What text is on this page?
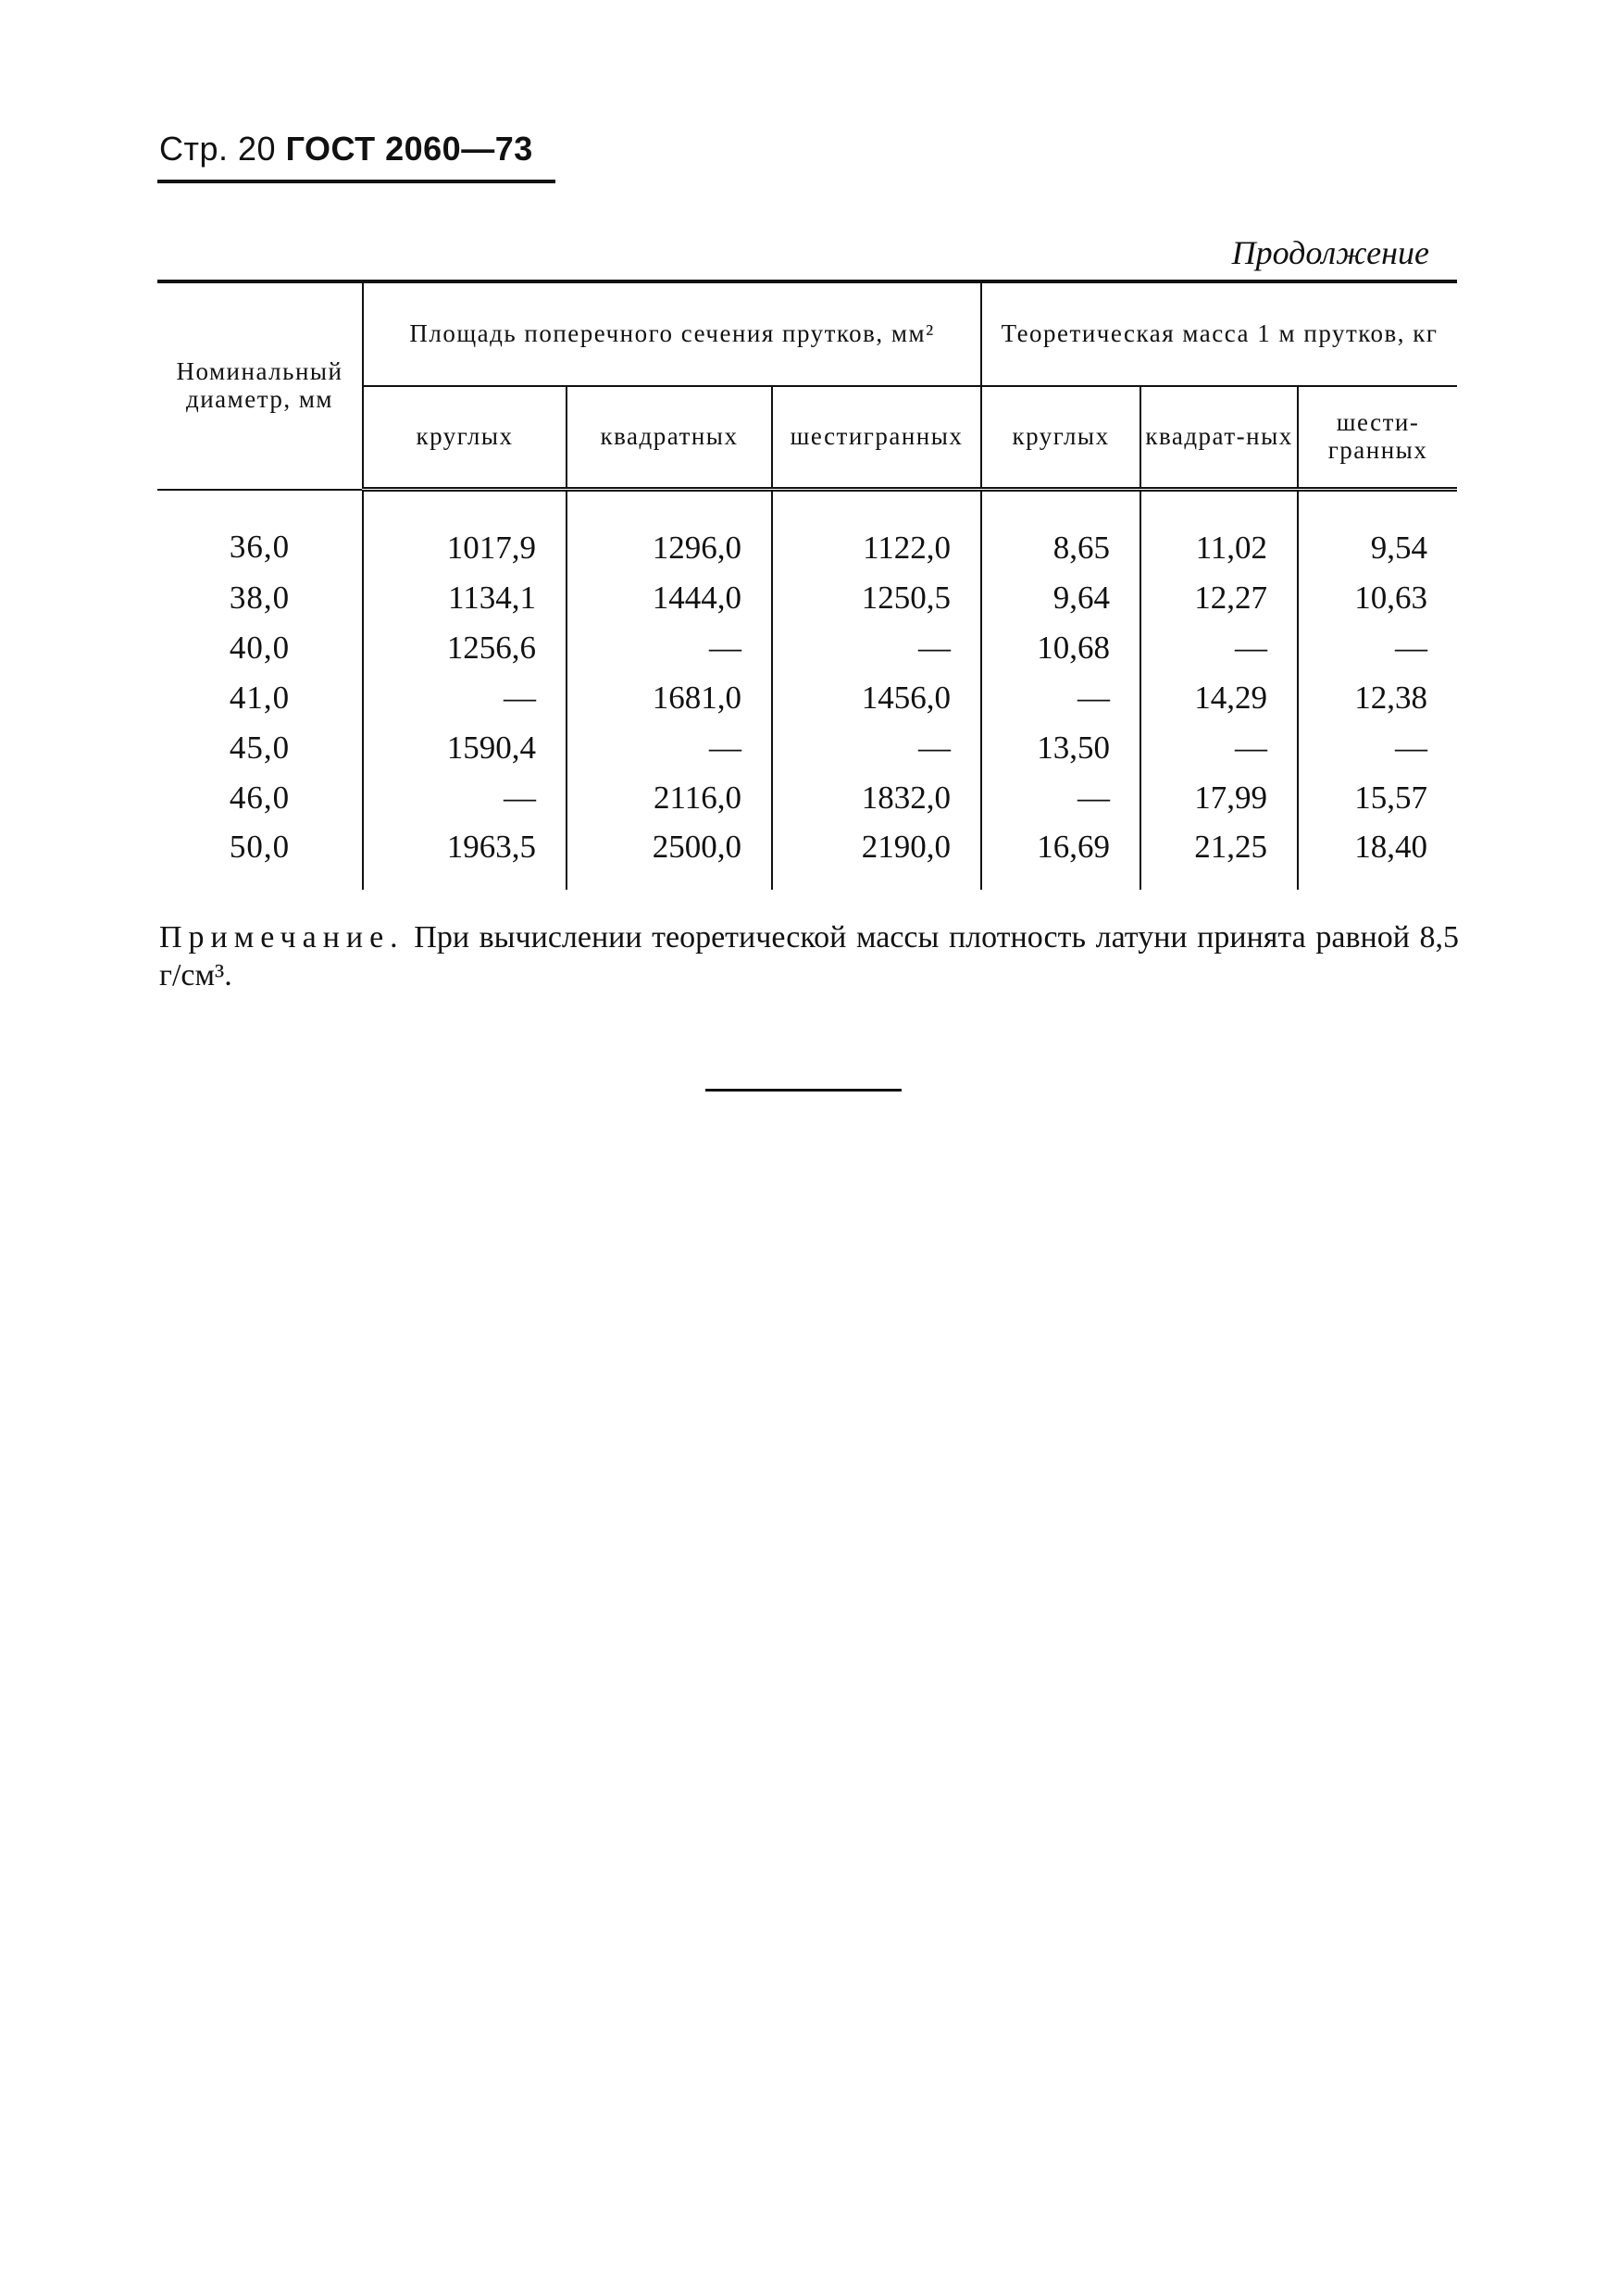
Стр. 20 ГОСТ 2060—73
Продолжение
Номинальный диаметр, мм	Площадь поперечного сечения прутков, мм²			Теоретическая масса 1 м прутков, кг		
	круглых	квадратных	шестигранных	круглых	квадрат-ных	шести-гранных
36,0	1017,9	1296,0	1122,0	8,65	11,02	9,54
38,0	1134,1	1444,0	1250,5	9,64	12,27	10,63
40,0	1256,6	—	—	10,68	—	—
41,0	—	1681,0	1456,0	—	14,29	12,38
45,0	1590,4	—	—	13,50	—	—
46,0	—	2116,0	1832,0	—	17,99	15,57
50,0	1963,5	2500,0	2190,0	16,69	21,25	18,40
Примечание. При вычислении теоретической массы плотность латуни принята равной 8,5 г/см³.
